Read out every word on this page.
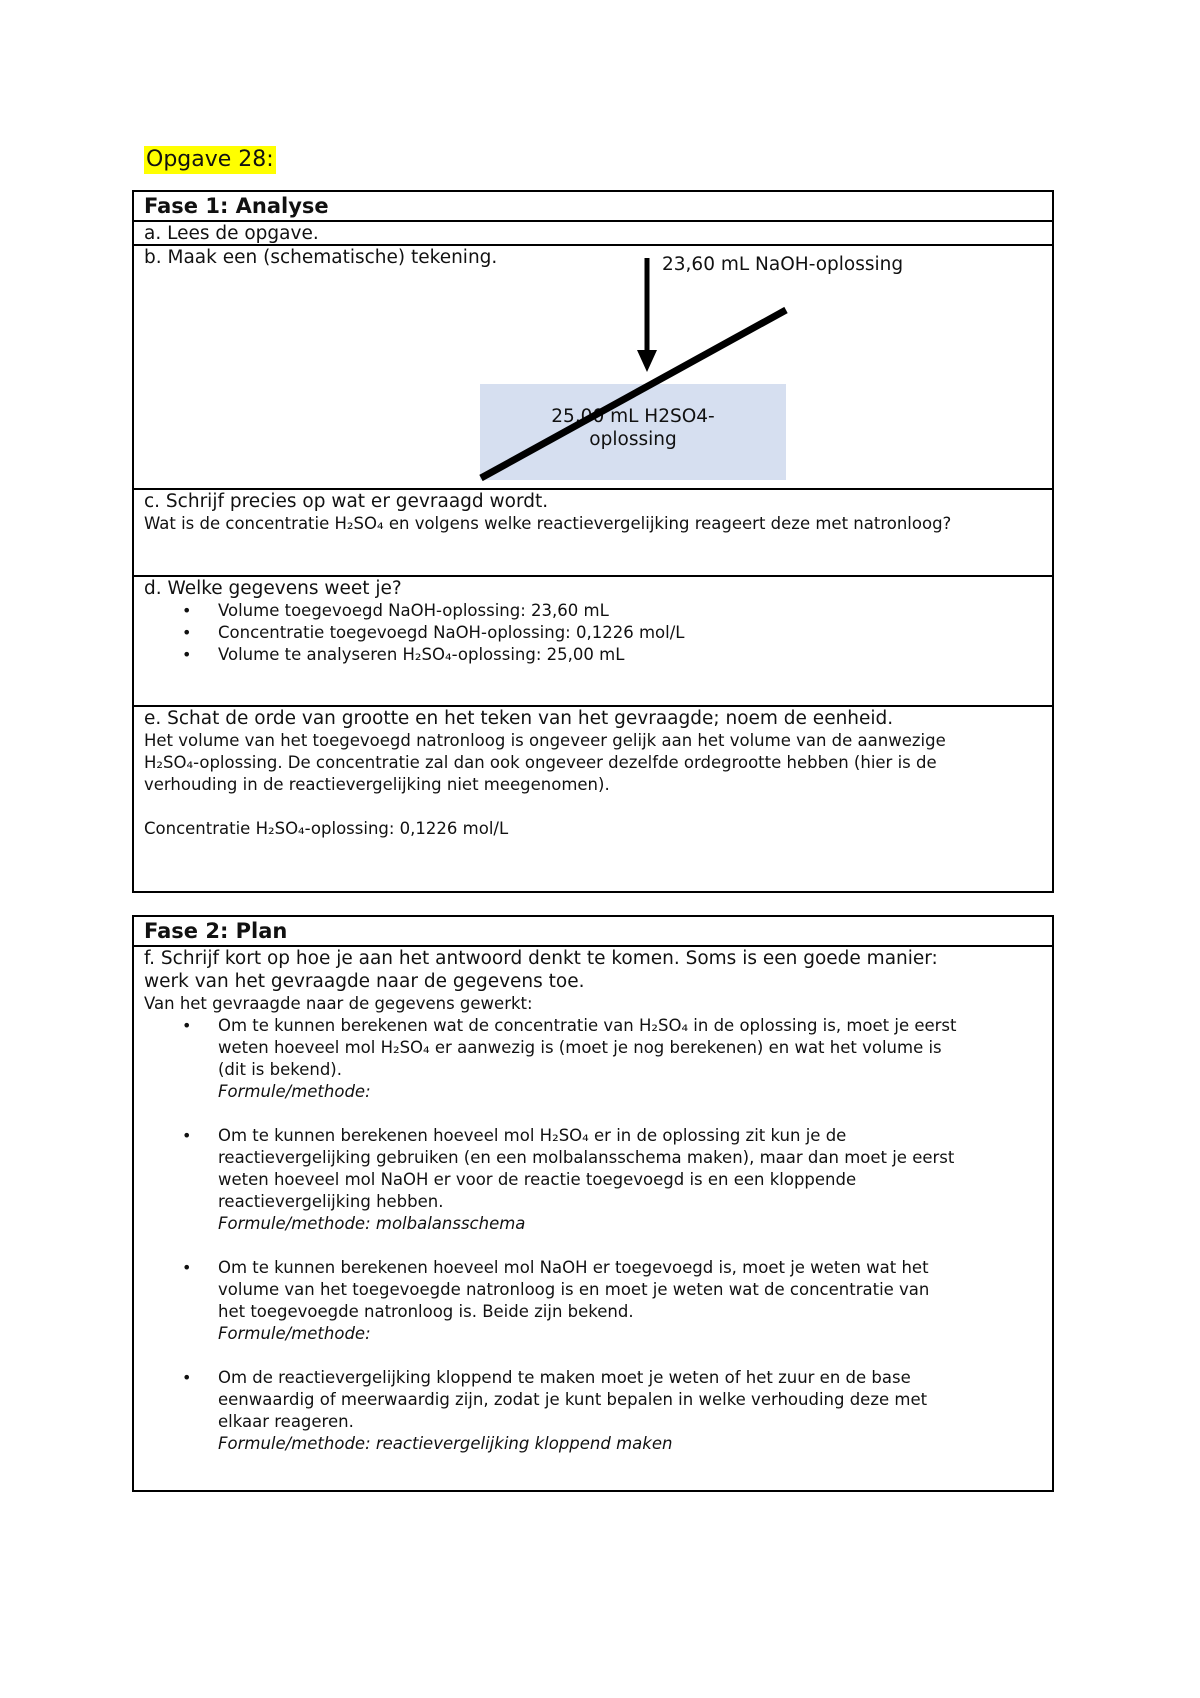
Opgave 28:
Fase 1: Analyse
a. Lees de opgave.
b. Maak een (schematische) tekening.
25,00 mL H2SO4-
oplossing
23,60 mL NaOH-oplossing
c. Schrijf precies op wat er gevraagd wordt.
Wat is de concentratie H₂SO₄ en volgens welke reactievergelijking reageert deze met natronloog?
d. Welke gegevens weet je?
• Volume toegevoegd NaOH-oplossing: 23,60 mL
• Concentratie toegevoegd NaOH-oplossing: 0,1226 mol/L
• Volume te analyseren H₂SO₄-oplossing: 25,00 mL
e. Schat de orde van grootte en het teken van het gevraagde; noem de eenheid.
Het volume van het toegevoegd natronloog is ongeveer gelijk aan het volume van de aanwezige
H₂SO₄-oplossing. De concentratie zal dan ook ongeveer dezelfde ordegrootte hebben (hier is de
verhouding in de reactievergelijking niet meegenomen).
Concentratie H₂SO₄-oplossing: 0,1226 mol/L
Fase 2: Plan
f. Schrijf kort op hoe je aan het antwoord denkt te komen. Soms is een goede manier:
werk van het gevraagde naar de gegevens toe.
Van het gevraagde naar de gegevens gewerkt:
• Om te kunnen berekenen wat de concentratie van H₂SO₄ in de oplossing is, moet je eerst
weten hoeveel mol H₂SO₄ er aanwezig is (moet je nog berekenen) en wat het volume is
(dit is bekend).
Formule/methode:
• Om te kunnen berekenen hoeveel mol H₂SO₄ er in de oplossing zit kun je de
reactievergelijking gebruiken (en een molbalansschema maken), maar dan moet je eerst
weten hoeveel mol NaOH er voor de reactie toegevoegd is en een kloppende
reactievergelijking hebben.
Formule/methode: molbalansschema
• Om te kunnen berekenen hoeveel mol NaOH er toegevoegd is, moet je weten wat het
volume van het toegevoegde natronloog is en moet je weten wat de concentratie van
het toegevoegde natronloog is. Beide zijn bekend.
Formule/methode:
• Om de reactievergelijking kloppend te maken moet je weten of het zuur en de base
eenwaardig of meerwaardig zijn, zodat je kunt bepalen in welke verhouding deze met
elkaar reageren.
Formule/methode: reactievergelijking kloppend maken
